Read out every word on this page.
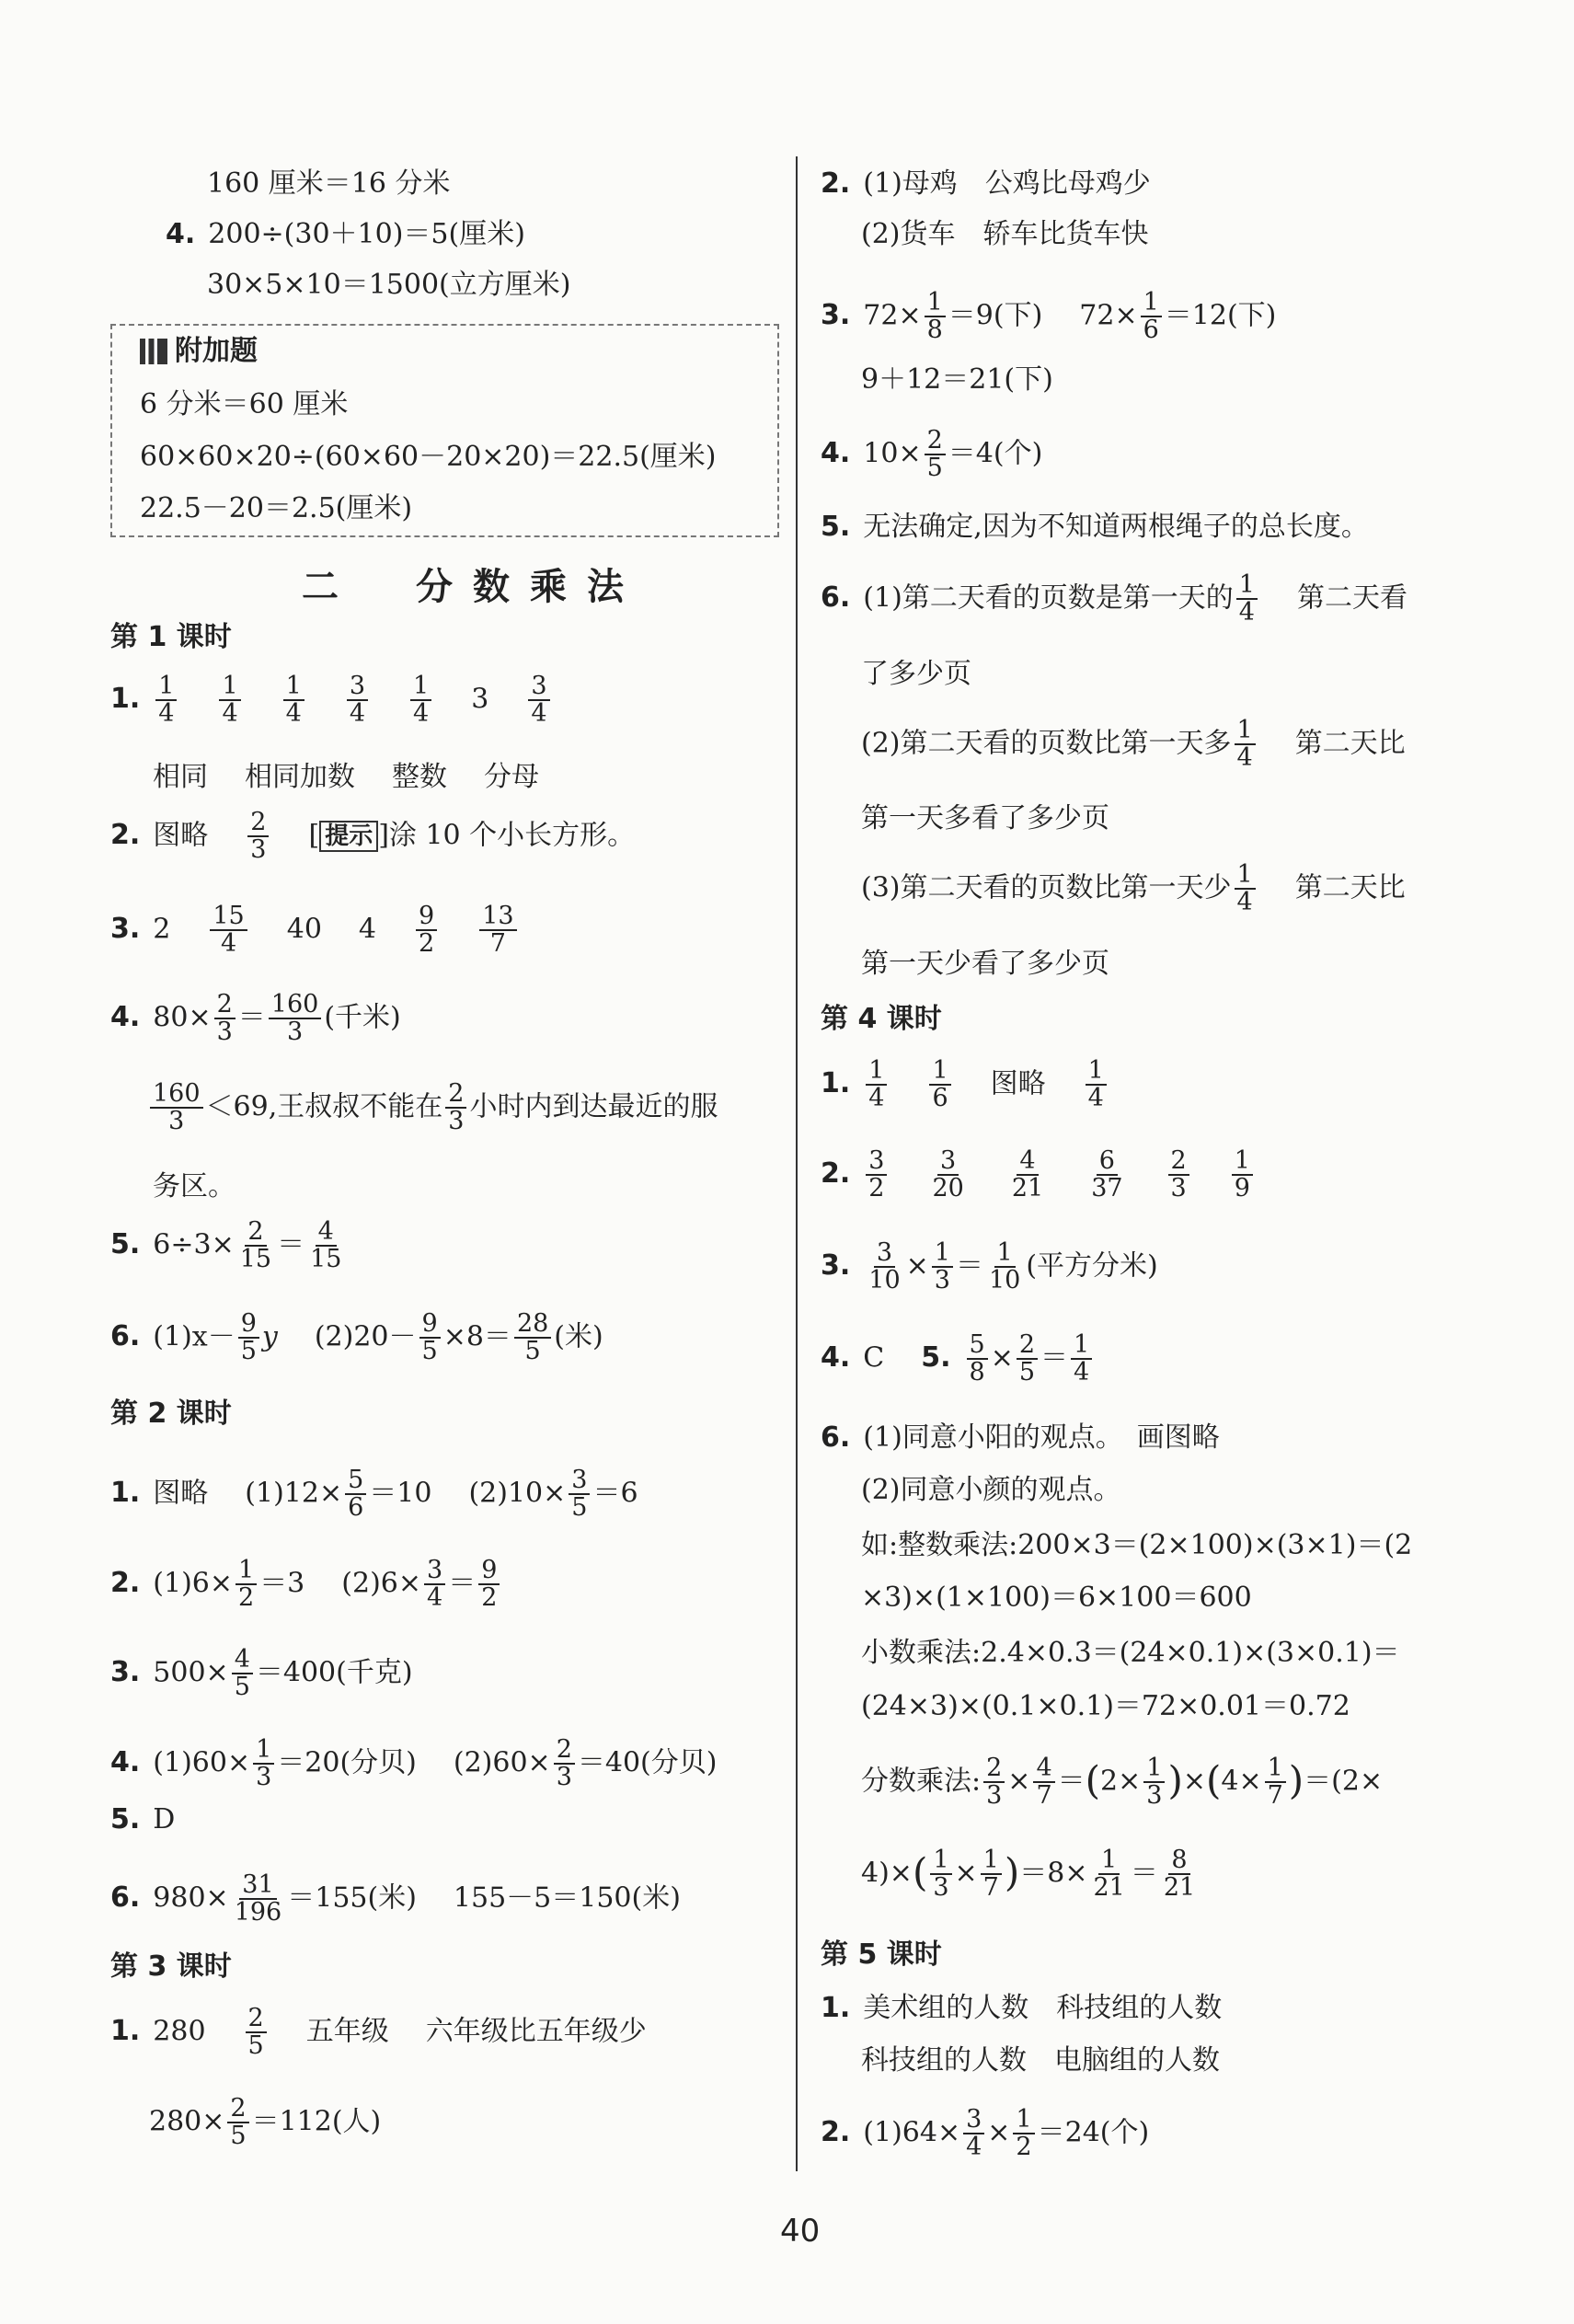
160 厘米＝16 分米
4. 200÷(30＋10)＝5(厘米)
30×5×10＝1500(立方厘米)
附加题
6 分米＝60 厘米
60×60×20÷(60×60－20×20)＝22.5(厘米)
22.5－20＝2.5(厘米)
二　分数乘法
第 1 课时
1. $\frac{1}{4} \frac{1}{4} \frac{1}{4} \frac{3}{4} \frac{1}{4} 3 \frac{3}{4}$
相同 相同加数 整数 分母
2. 图略 $\frac{2}{3}$ [ 提示 ]涂 10 个小长方形。
3. $2 \frac{15}{4} 40$ $4 \frac{9}{2} \frac{13}{7}$
4. $80\times \frac{2}{3} = \frac{160}{3}$ (千米)
$\frac{160}{3} <69$,王叔叔不能在 $\frac{2}{3}$ 小时内到达最近的服
务区。
5. $6\div 3\times \frac{2}{15} = \frac{4}{15}$
6. $(1)x- \frac{9}{5}$ y $(2)20- \frac{9}{5} \times 8= \frac{28}{5}$ (米)
第 2 课时
1. 图略 $(1)12\times \frac{5}{6} =10$ $(2)10\times \frac{3}{5} =6$
2. $(1)6\times \frac{1}{2} =3$ $(2)6\times \frac{3}{4} = \frac{9}{2}$
3. $500\times \frac{4}{5} =400$(千克)
4. $(1)60\times \frac{1}{3} =20$(分贝) $(2)60\times \frac{2}{3} =40$(分贝)
5. D
6. $980\times \frac{31}{196} =155$(米) 155－5＝150(米)
第 3 课时
1. $280 \frac{2}{5}$ 五年级 六年级比五年级少
$280\times \frac{2}{5} =112$(人)
2. (1)母鸡　公鸡比母鸡少
(2)货车　轿车比货车快
3. $72\times \frac{1}{8} =9$(下) $72\times \frac{1}{6} =12$(下)
9＋12＝21(下)
4. $10\times \frac{2}{5} =4$(个)
5. 无法确定,因为不知道两根绳子的总长度。
6. (1)第二天看的页数是第一天的 $\frac{1}{4}$ 第二天看
了多少页
(2)第二天看的页数比第一天多 $\frac{1}{4}$ 第二天比
第一天多看了多少页
(3)第二天看的页数比第一天少 $\frac{1}{4}$ 第二天比
第一天少看了多少页
第 4 课时
1. $\frac{1}{4} \frac{1}{6}$ 图略 $\frac{1}{4}$
2. $\frac{3}{2} \frac{3}{20} \frac{4}{21} \frac{6}{37} \frac{2}{3} \frac{1}{9}$
3. $\frac{3}{10} \times \frac{1}{3} = \frac{1}{10}$ (平方分米)
4. C 5. $\frac{5}{8} \times \frac{2}{5} = \frac{1}{4}$
6. (1)同意小阳的观点。　画图略
(2)同意小颜的观点。
如:整数乘法:200×3＝(2×100)×(3×1)＝(2
×3)×(1×100)＝6×100＝600
小数乘法:2.4×0.3＝(24×0.1)×(3×0.1)＝
(24×3)×(0.1×0.1)＝72×0.01＝0.72
分数乘法: $\frac{2}{3} \times \frac{4}{7} =(2\times \frac{1}{3} )\times(4\times \frac{1}{7} )=(2\times$
$4)\times( \frac{1}{3} \times \frac{1}{7} )=8\times \frac{1}{21} = \frac{8}{21}$
第 5 课时
1. 美术组的人数　科技组的人数
科技组的人数　电脑组的人数
2. $(1)64\times \frac{3}{4} \times \frac{1}{2} =24$(个)
40
